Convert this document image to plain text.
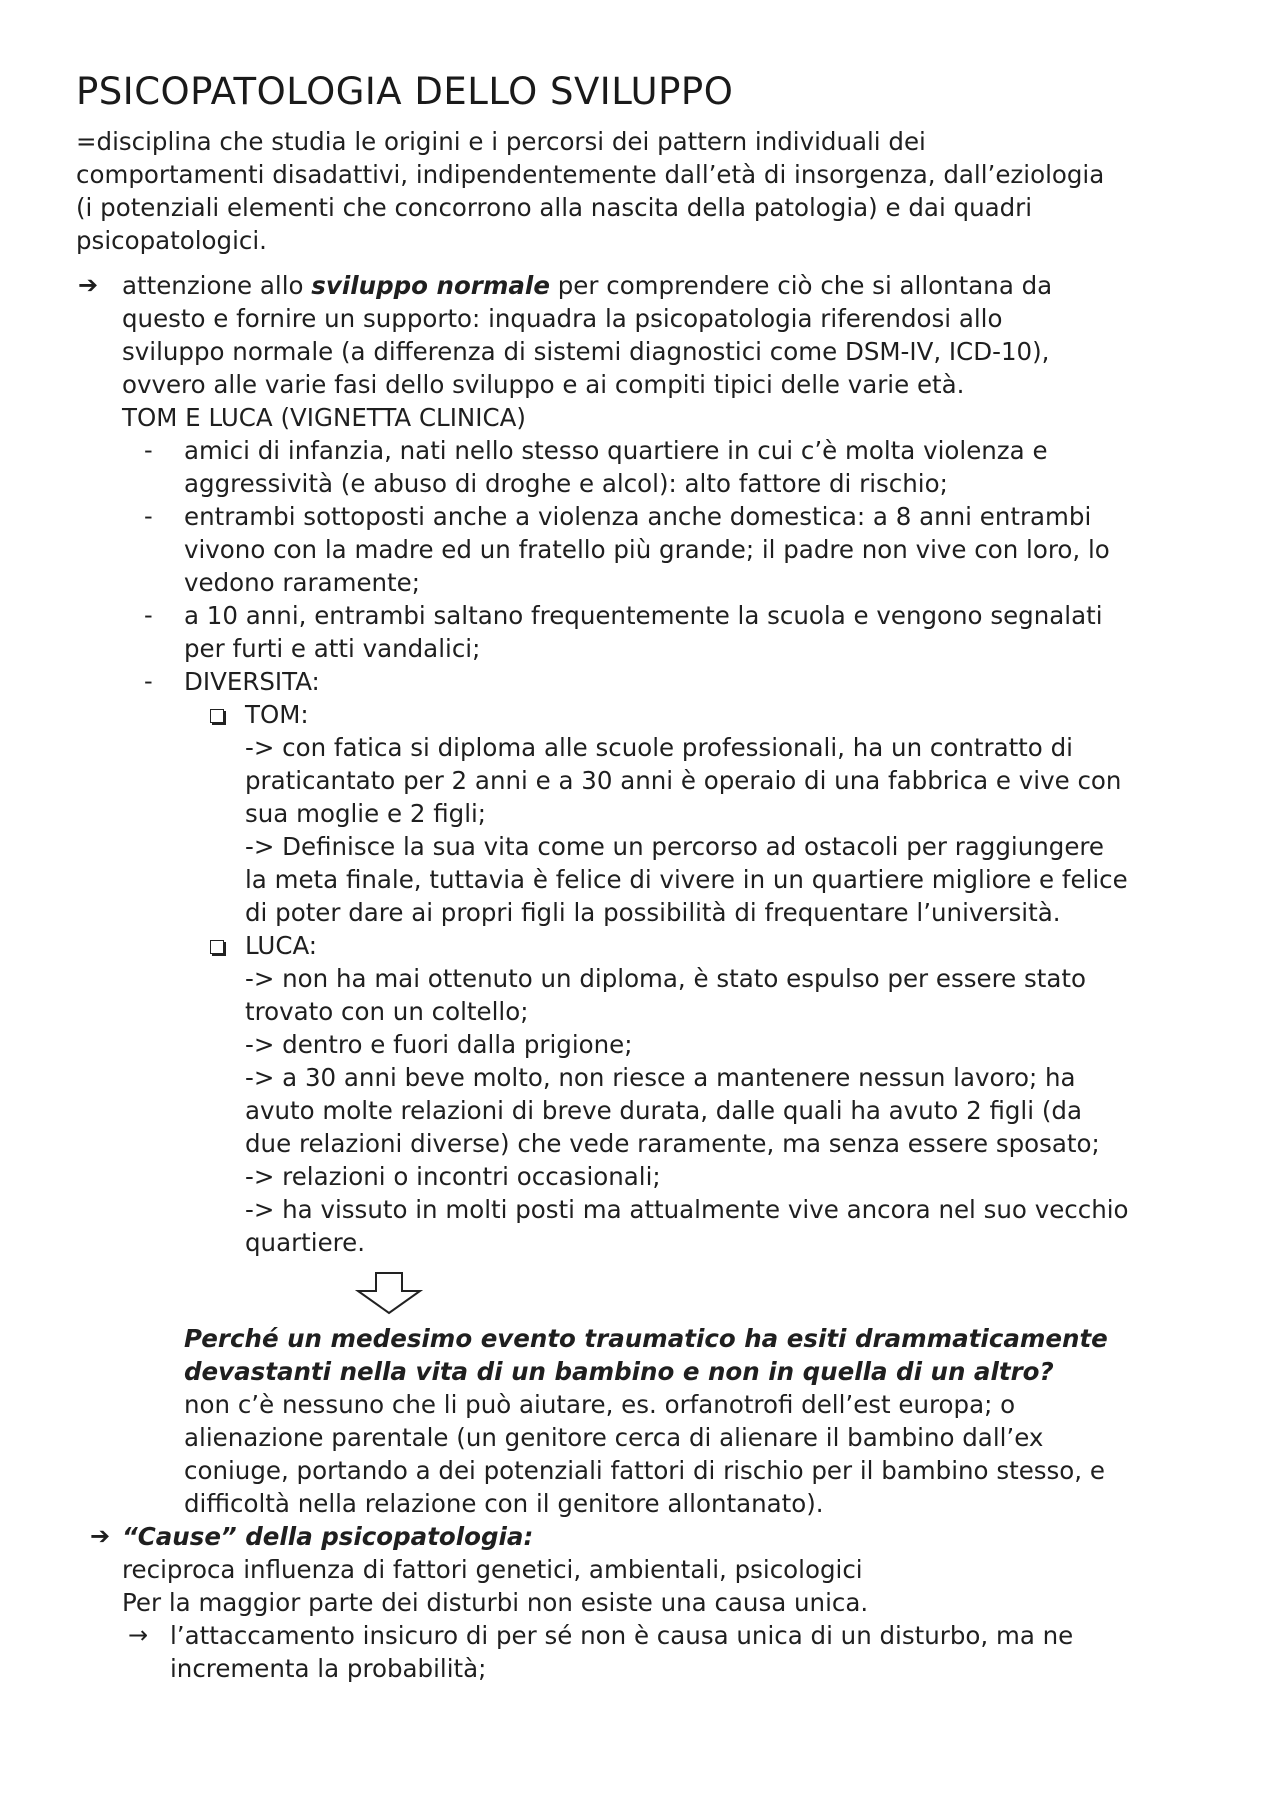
PSICOPATOLOGIA DELLO SVILUPPO
=disciplina che studia le origini e i percorsi dei pattern individuali dei
comportamenti disadattivi, indipendentemente dall’età di insorgenza, dall’eziologia
(i potenziali elementi che concorrono alla nascita della patologia) e dai quadri
psicopatologici.
➔ attenzione allo sviluppo normale per comprendere ciò che si allontana da
questo e fornire un supporto: inquadra la psicopatologia riferendosi allo
sviluppo normale (a differenza di sistemi diagnostici come DSM-IV, ICD-10),
ovvero alle varie fasi dello sviluppo e ai compiti tipici delle varie età.
TOM E LUCA (VIGNETTA CLINICA)
- amici di infanzia, nati nello stesso quartiere in cui c’è molta violenza e
aggressività (e abuso di droghe e alcol): alto fattore di rischio;
- entrambi sottoposti anche a violenza anche domestica: a 8 anni entrambi
vivono con la madre ed un fratello più grande; il padre non vive con loro, lo
vedono raramente;
- a 10 anni, entrambi saltano frequentemente la scuola e vengono segnalati
per furti e atti vandalici;
- DIVERSITA:
TOM:
-> con fatica si diploma alle scuole professionali, ha un contratto di
praticantato per 2 anni e a 30 anni è operaio di una fabbrica e vive con
sua moglie e 2 figli;
-> Definisce la sua vita come un percorso ad ostacoli per raggiungere
la meta finale, tuttavia è felice di vivere in un quartiere migliore e felice
di poter dare ai propri figli la possibilità di frequentare l’università.
LUCA:
-> non ha mai ottenuto un diploma, è stato espulso per essere stato
trovato con un coltello;
-> dentro e fuori dalla prigione;
-> a 30 anni beve molto, non riesce a mantenere nessun lavoro; ha
avuto molte relazioni di breve durata, dalle quali ha avuto 2 figli (da
due relazioni diverse) che vede raramente, ma senza essere sposato;
-> relazioni o incontri occasionali;
-> ha vissuto in molti posti ma attualmente vive ancora nel suo vecchio
quartiere.
Perché un medesimo evento traumatico ha esiti drammaticamente
devastanti nella vita di un bambino e non in quella di un altro?
non c’è nessuno che li può aiutare, es. orfanotrofi dell’est europa; o
alienazione parentale (un genitore cerca di alienare il bambino dall’ex
coniuge, portando a dei potenziali fattori di rischio per il bambino stesso, e
difficoltà nella relazione con il genitore allontanato).
➔ “Cause” della psicopatologia:
reciproca influenza di fattori genetici, ambientali, psicologici
Per la maggior parte dei disturbi non esiste una causa unica.
→ l’attaccamento insicuro di per sé non è causa unica di un disturbo, ma ne
incrementa la probabilità;
